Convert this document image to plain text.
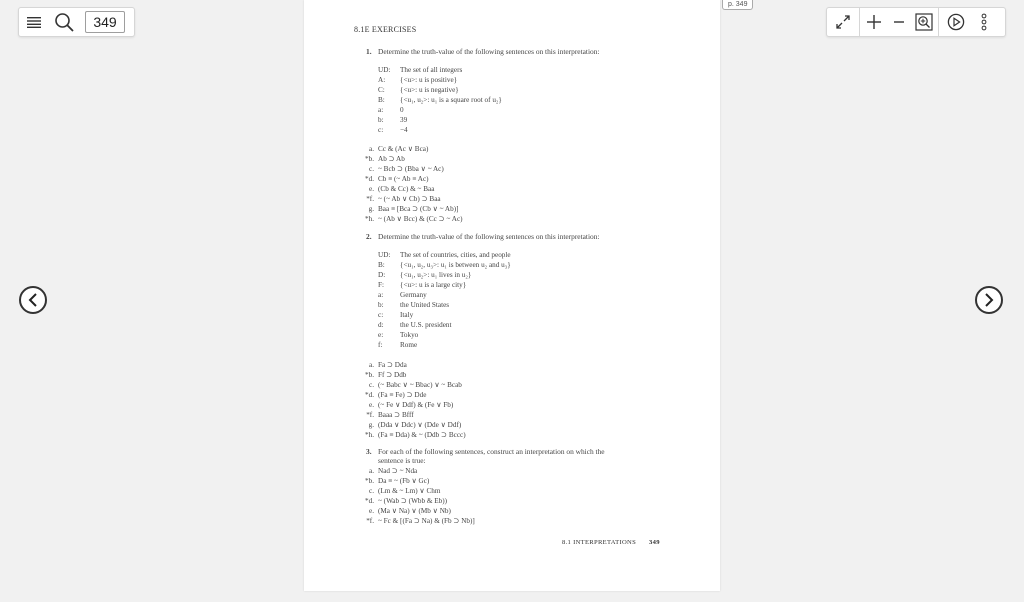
349
p. 349
8.1E EXERCISES
1. Determine the truth-value of the following sentences on this interpretation:
UD: The set of all integers
A: {<u>: u is positive}
C: {<u>: u is negative}
B: {<u₁, u₂>: u₁ is a square root of u₂}
a: 0
b: 39
c: −4
a. Cc & (Ac ∨ Bca)
*b. Ab ⊃ Ab
c. ~ Bcb ⊃ (Bba ∨ ~ Ac)
*d. Cb ≡ (~ Ab ≡ Ac)
e. (Cb & Cc) & ~ Baa
*f. ~ (~ Ab ∨ Cb) ⊃ Baa
g. Baa ≡ [Bca ⊃ (Cb ∨ ~ Ab)]
*h. ~ (Ab ∨ Bcc) & (Cc ⊃ ~ Ac)
2. Determine the truth-value of the following sentences on this interpretation:
UD: The set of countries, cities, and people
B: {<u₁, u₂, u₃>: u₁ is between u₂ and u₃}
D: {<u₁, u₂>: u₁ lives in u₂}
F: {<u>: u is a large city}
a: Germany
b: the United States
c: Italy
d: the U.S. president
e: Tokyo
f: Rome
a. Fa ⊃ Dda
*b. Ff ⊃ Ddb
c. (~ Babc ∨ ~ Bbac) ∨ ~ Bcab
*d. (Fa ≡ Fe) ⊃ Dde
e. (~ Fe ∨ Ddf) & (Fe ∨ Fb)
*f. Baaa ⊃ Bfff
g. (Dda ∨ Ddc) ∨ (Dde ∨ Ddf)
*h. (Fa ≡ Dda) & ~ (Ddb ⊃ Bccc)
3. For each of the following sentences, construct an interpretation on which the
sentence is true:
a. Nad ⊃ ~ Nda
*b. Da ≡ ~ (Fb ∨ Gc)
c. (Lm & ~ Lm) ∨ Chm
*d. ~ (Wab ⊃ (Wbb & Eb))
e. (Ma ∨ Na) ∨ (Mb ∨ Nb)
*f. ~ Fc & [(Fa ⊃ Na) & (Fb ⊃ Nb)]
8.1 INTERPRETATIONS 349
